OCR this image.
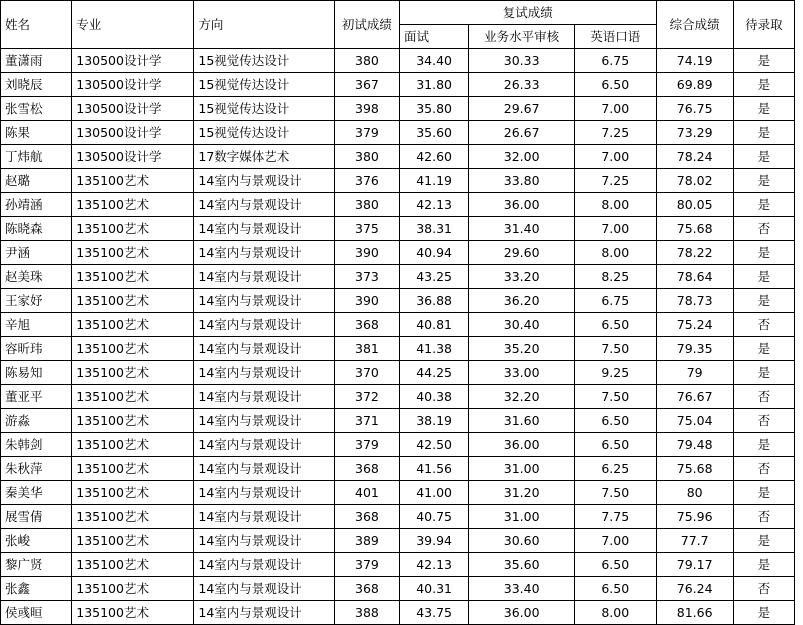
姓名	专业	方向	初试成绩	复试成绩			综合成绩	待录取
				面试	业务水平审核	英语口语		
董潇雨	130500设计学	15视觉传达设计	380	34.40	30.33	6.75	74.19	是
刘晓辰	130500设计学	15视觉传达设计	367	31.80	26.33	6.50	69.89	是
张雪松	130500设计学	15视觉传达设计	398	35.80	29.67	7.00	76.75	是
陈果	130500设计学	15视觉传达设计	379	35.60	26.67	7.25	73.29	是
丁炜航	130500设计学	17数字媒体艺术	380	42.60	32.00	7.00	78.24	是
赵璐	135100艺术	14室内与景观设计	376	41.19	33.80	7.25	78.02	是
孙靖涵	135100艺术	14室内与景观设计	380	42.13	36.00	8.00	80.05	是
陈晓森	135100艺术	14室内与景观设计	375	38.31	31.40	7.00	75.68	否
尹涵	135100艺术	14室内与景观设计	390	40.94	29.60	8.00	78.22	是
赵美珠	135100艺术	14室内与景观设计	373	43.25	33.20	8.25	78.64	是
王家妤	135100艺术	14室内与景观设计	390	36.88	36.20	6.75	78.73	是
辛旭	135100艺术	14室内与景观设计	368	40.81	30.40	6.50	75.24	否
容昕玮	135100艺术	14室内与景观设计	381	41.38	35.20	7.50	79.35	是
陈易知	135100艺术	14室内与景观设计	370	44.25	33.00	9.25	79	是
董亚平	135100艺术	14室内与景观设计	372	40.38	32.20	7.50	76.67	否
游淼	135100艺术	14室内与景观设计	371	38.19	31.60	6.50	75.04	否
朱韩剑	135100艺术	14室内与景观设计	379	42.50	36.00	6.50	79.48	是
朱秋萍	135100艺术	14室内与景观设计	368	41.56	31.00	6.25	75.68	否
秦美华	135100艺术	14室内与景观设计	401	41.00	31.20	7.50	80	是
展雪倩	135100艺术	14室内与景观设计	368	40.75	31.00	7.75	75.96	否
张峻	135100艺术	14室内与景观设计	389	39.94	30.60	7.00	77.7	是
黎广贤	135100艺术	14室内与景观设计	379	42.13	35.60	6.50	79.17	是
张鑫	135100艺术	14室内与景观设计	368	40.31	33.40	6.50	76.24	否
侯彧晅	135100艺术	14室内与景观设计	388	43.75	36.00	8.00	81.66	是
